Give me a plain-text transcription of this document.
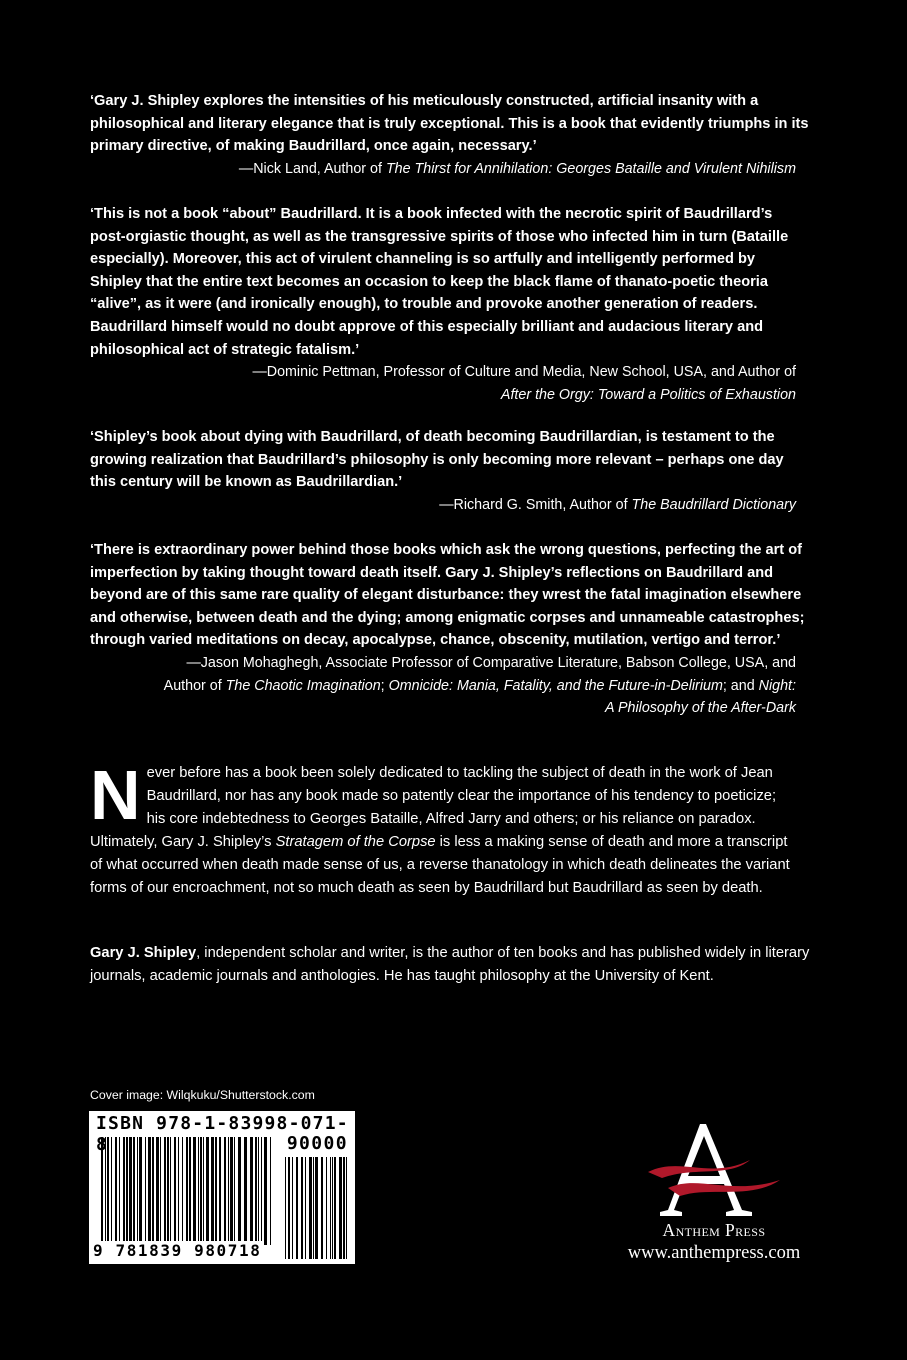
‘Gary J. Shipley explores the intensities of his meticulously constructed, artificial insanity with a philosophical and literary elegance that is truly exceptional. This is a book that evidently triumphs in its primary directive, of making Baudrillard, once again, necessary.’

—Nick Land, Author of The Thirst for Annihilation: Georges Bataille and Virulent Nihilism

‘This is not a book “about” Baudrillard. It is a book infected with the necrotic spirit of Baudrillard’s post-orgiastic thought, as well as the transgressive spirits of those who infected him in turn (Bataille especially). Moreover, this act of virulent channeling is so artfully and intelligently performed by Shipley that the entire text becomes an occasion to keep the black flame of thanato-poetic theoria “alive”, as it were (and ironically enough), to trouble and provoke another generation of readers. Baudrillard himself would no doubt approve of this especially brilliant and audacious literary and philosophical act of strategic fatalism.’

—Dominic Pettman, Professor of Culture and Media, New School, USA, and Author of
After the Orgy: Toward a Politics of Exhaustion

‘Shipley’s book about dying with Baudrillard, of death becoming Baudrillardian, is testament to the growing realization that Baudrillard’s philosophy is only becoming more relevant – perhaps one day this century will be known as Baudrillardian.’

—Richard G. Smith, Author of The Baudrillard Dictionary

‘There is extraordinary power behind those books which ask the wrong questions, perfecting the art of imperfection by taking thought toward death itself. Gary J. Shipley’s reflections on Baudrillard and beyond are of this same rare quality of elegant disturbance: they wrest the fatal imagination elsewhere and otherwise, between death and the dying; among enigmatic corpses and unnameable catastrophes; through varied meditations on decay, apocalypse, chance, obscenity, mutilation, vertigo and terror.’

—Jason Mohaghegh, Associate Professor of Comparative Literature, Babson College, USA, and
Author of The Chaotic Imagination; Omnicide: Mania, Fatality, and the Future-in-Delirium; and Night:
A Philosophy of the After-Dark

Never before has a book been solely dedicated to tackling the subject of death in the work of Jean Baudrillard, nor has any book made so patently clear the importance of his tendency to poeticize; his core indebtedness to Georges Bataille, Alfred Jarry and others; or his reliance on paradox. Ultimately, Gary J. Shipley’s Stratagem of the Corpse is less a making sense of death and more a transcript of what occurred when death made sense of us, a reverse thanatology in which death delineates the variant forms of our encroachment, not so much death as seen by Baudrillard but Baudrillard as seen by death.

Gary J. Shipley, independent scholar and writer, is the author of ten books and has published widely in literary journals, academic journals and anthologies. He has taught philosophy at the University of Kent.

Cover image: Wilqkuku/Shutterstock.com
ISBN 978-1-83998-071-8	90000
9 781839 980718
Anthem Press
www.anthempress.com
